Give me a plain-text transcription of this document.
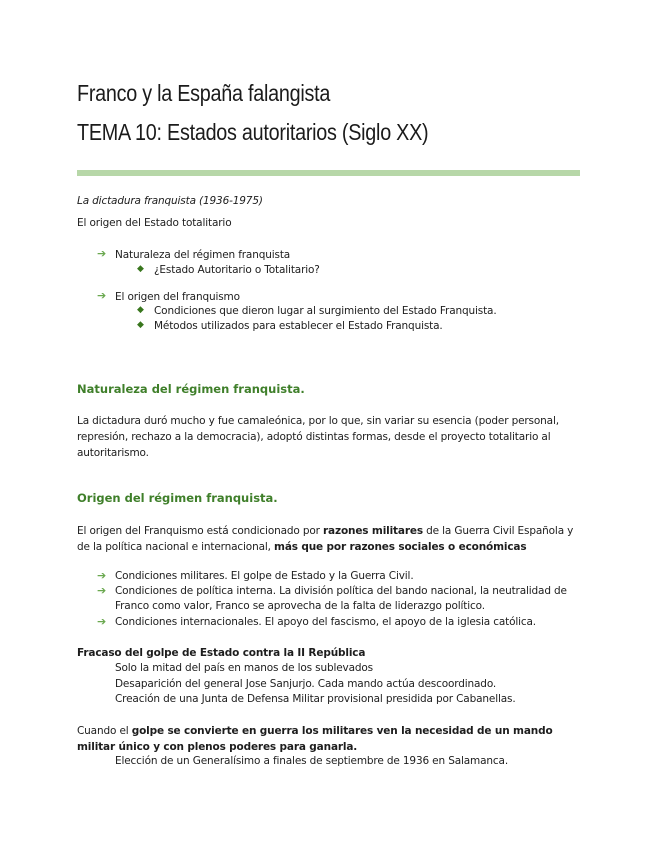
Franco y la España falangista
TEMA 10: Estados autoritarios (Siglo XX)
La dictadura franquista (1936-1975)
El origen del Estado totalitario
➔ Naturaleza del régimen franquista
◆ ¿Estado Autoritario o Totalitario?
➔ El origen del franquismo
◆ Condiciones que dieron lugar al surgimiento del Estado Franquista.
◆ Métodos utilizados para establecer el Estado Franquista.
Naturaleza del régimen franquista.
La dictadura duró mucho y fue camaleónica, por lo que, sin variar su esencia (poder personal, represión, rechazo a la democracia), adoptó distintas formas, desde el proyecto totalitario al autoritarismo.
Origen del régimen franquista.
El origen del Franquismo está condicionado por razones militares de la Guerra Civil Española y de la política nacional e internacional, más que por razones sociales o económicas
➔ Condiciones militares. El golpe de Estado y la Guerra Civil.
➔ Condiciones de política interna. La división política del bando nacional, la neutralidad de Franco como valor, Franco se aprovecha de la falta de liderazgo político.
➔ Condiciones internacionales. El apoyo del fascismo, el apoyo de la iglesia católica.
Fracaso del golpe de Estado contra la II República
Solo la mitad del país en manos de los sublevados
Desaparición del general Jose Sanjurjo. Cada mando actúa descoordinado.
Creación de una Junta de Defensa Militar provisional presidida por Cabanellas.
Cuando el golpe se convierte en guerra los militares ven la necesidad de un mando militar único y con plenos poderes para ganarla.
Elección de un Generalísimo a finales de septiembre de 1936 en Salamanca.
